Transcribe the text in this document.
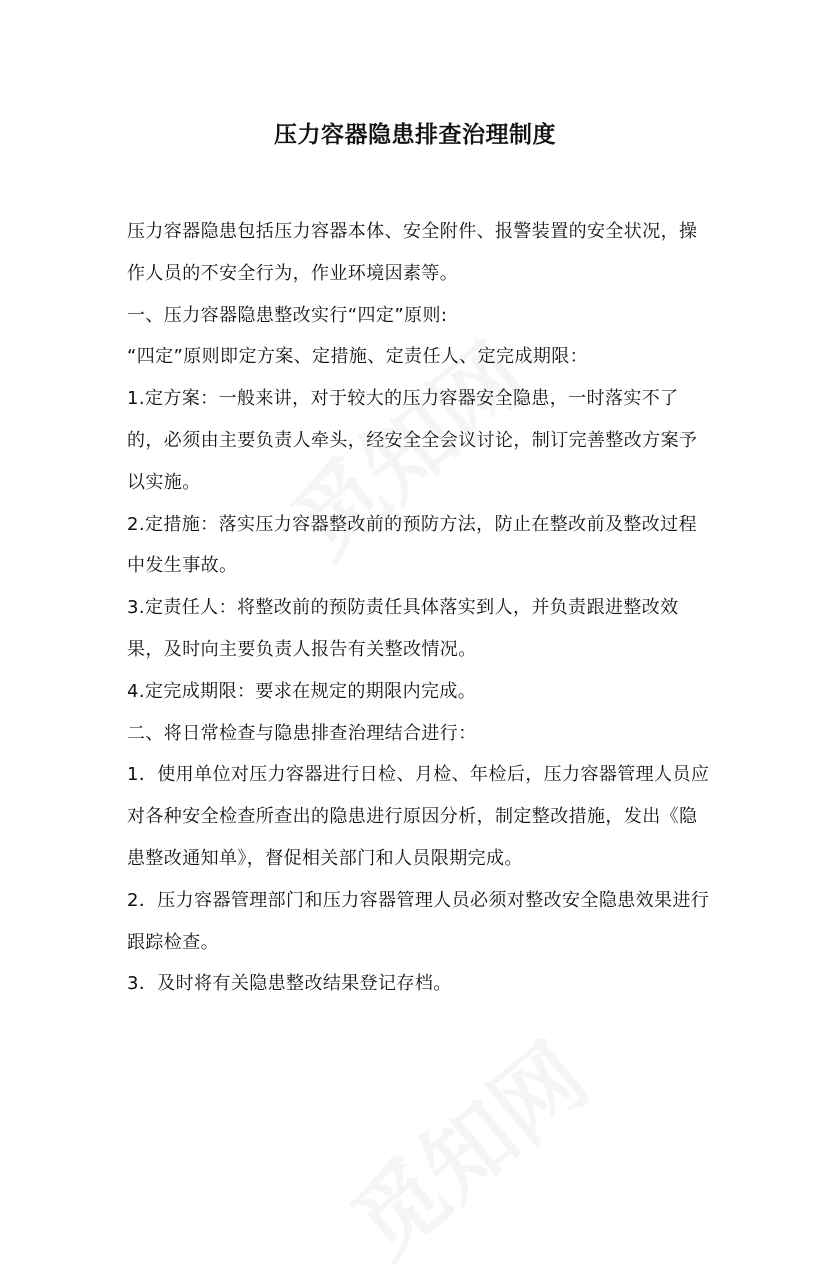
压力容器隐患排查治理制度

压力容器隐患包括压力容器本体、安全附件、报警装置的安全状况，操作人员的不安全行为，作业环境因素等。

一、压力容器隐患整改实行“四定”原则:

“四定”原则即定方案、定措施、定责任人、定完成期限：

1.定方案：一般来讲，对于较大的压力容器安全隐患，一时落实不了的，必须由主要负责人牵头，经安全全会议讨论，制订完善整改方案予以实施。

2.定措施：落实压力容器整改前的预防方法，防止在整改前及整改过程中发生事故。

3.定责任人：将整改前的预防责任具体落实到人，并负责跟进整改效果，及时向主要负责人报告有关整改情况。

4.定完成期限：要求在规定的期限内完成。

二、将日常检查与隐患排查治理结合进行：

1．使用单位对压力容器进行日检、月检、年检后，压力容器管理人员应对各种安全检查所查出的隐患进行原因分析，制定整改措施，发出《隐患整改通知单》，督促相关部门和人员限期完成。

2．压力容器管理部门和压力容器管理人员必须对整改安全隐患效果进行跟踪检查。

3．及时将有关隐患整改结果登记存档。
